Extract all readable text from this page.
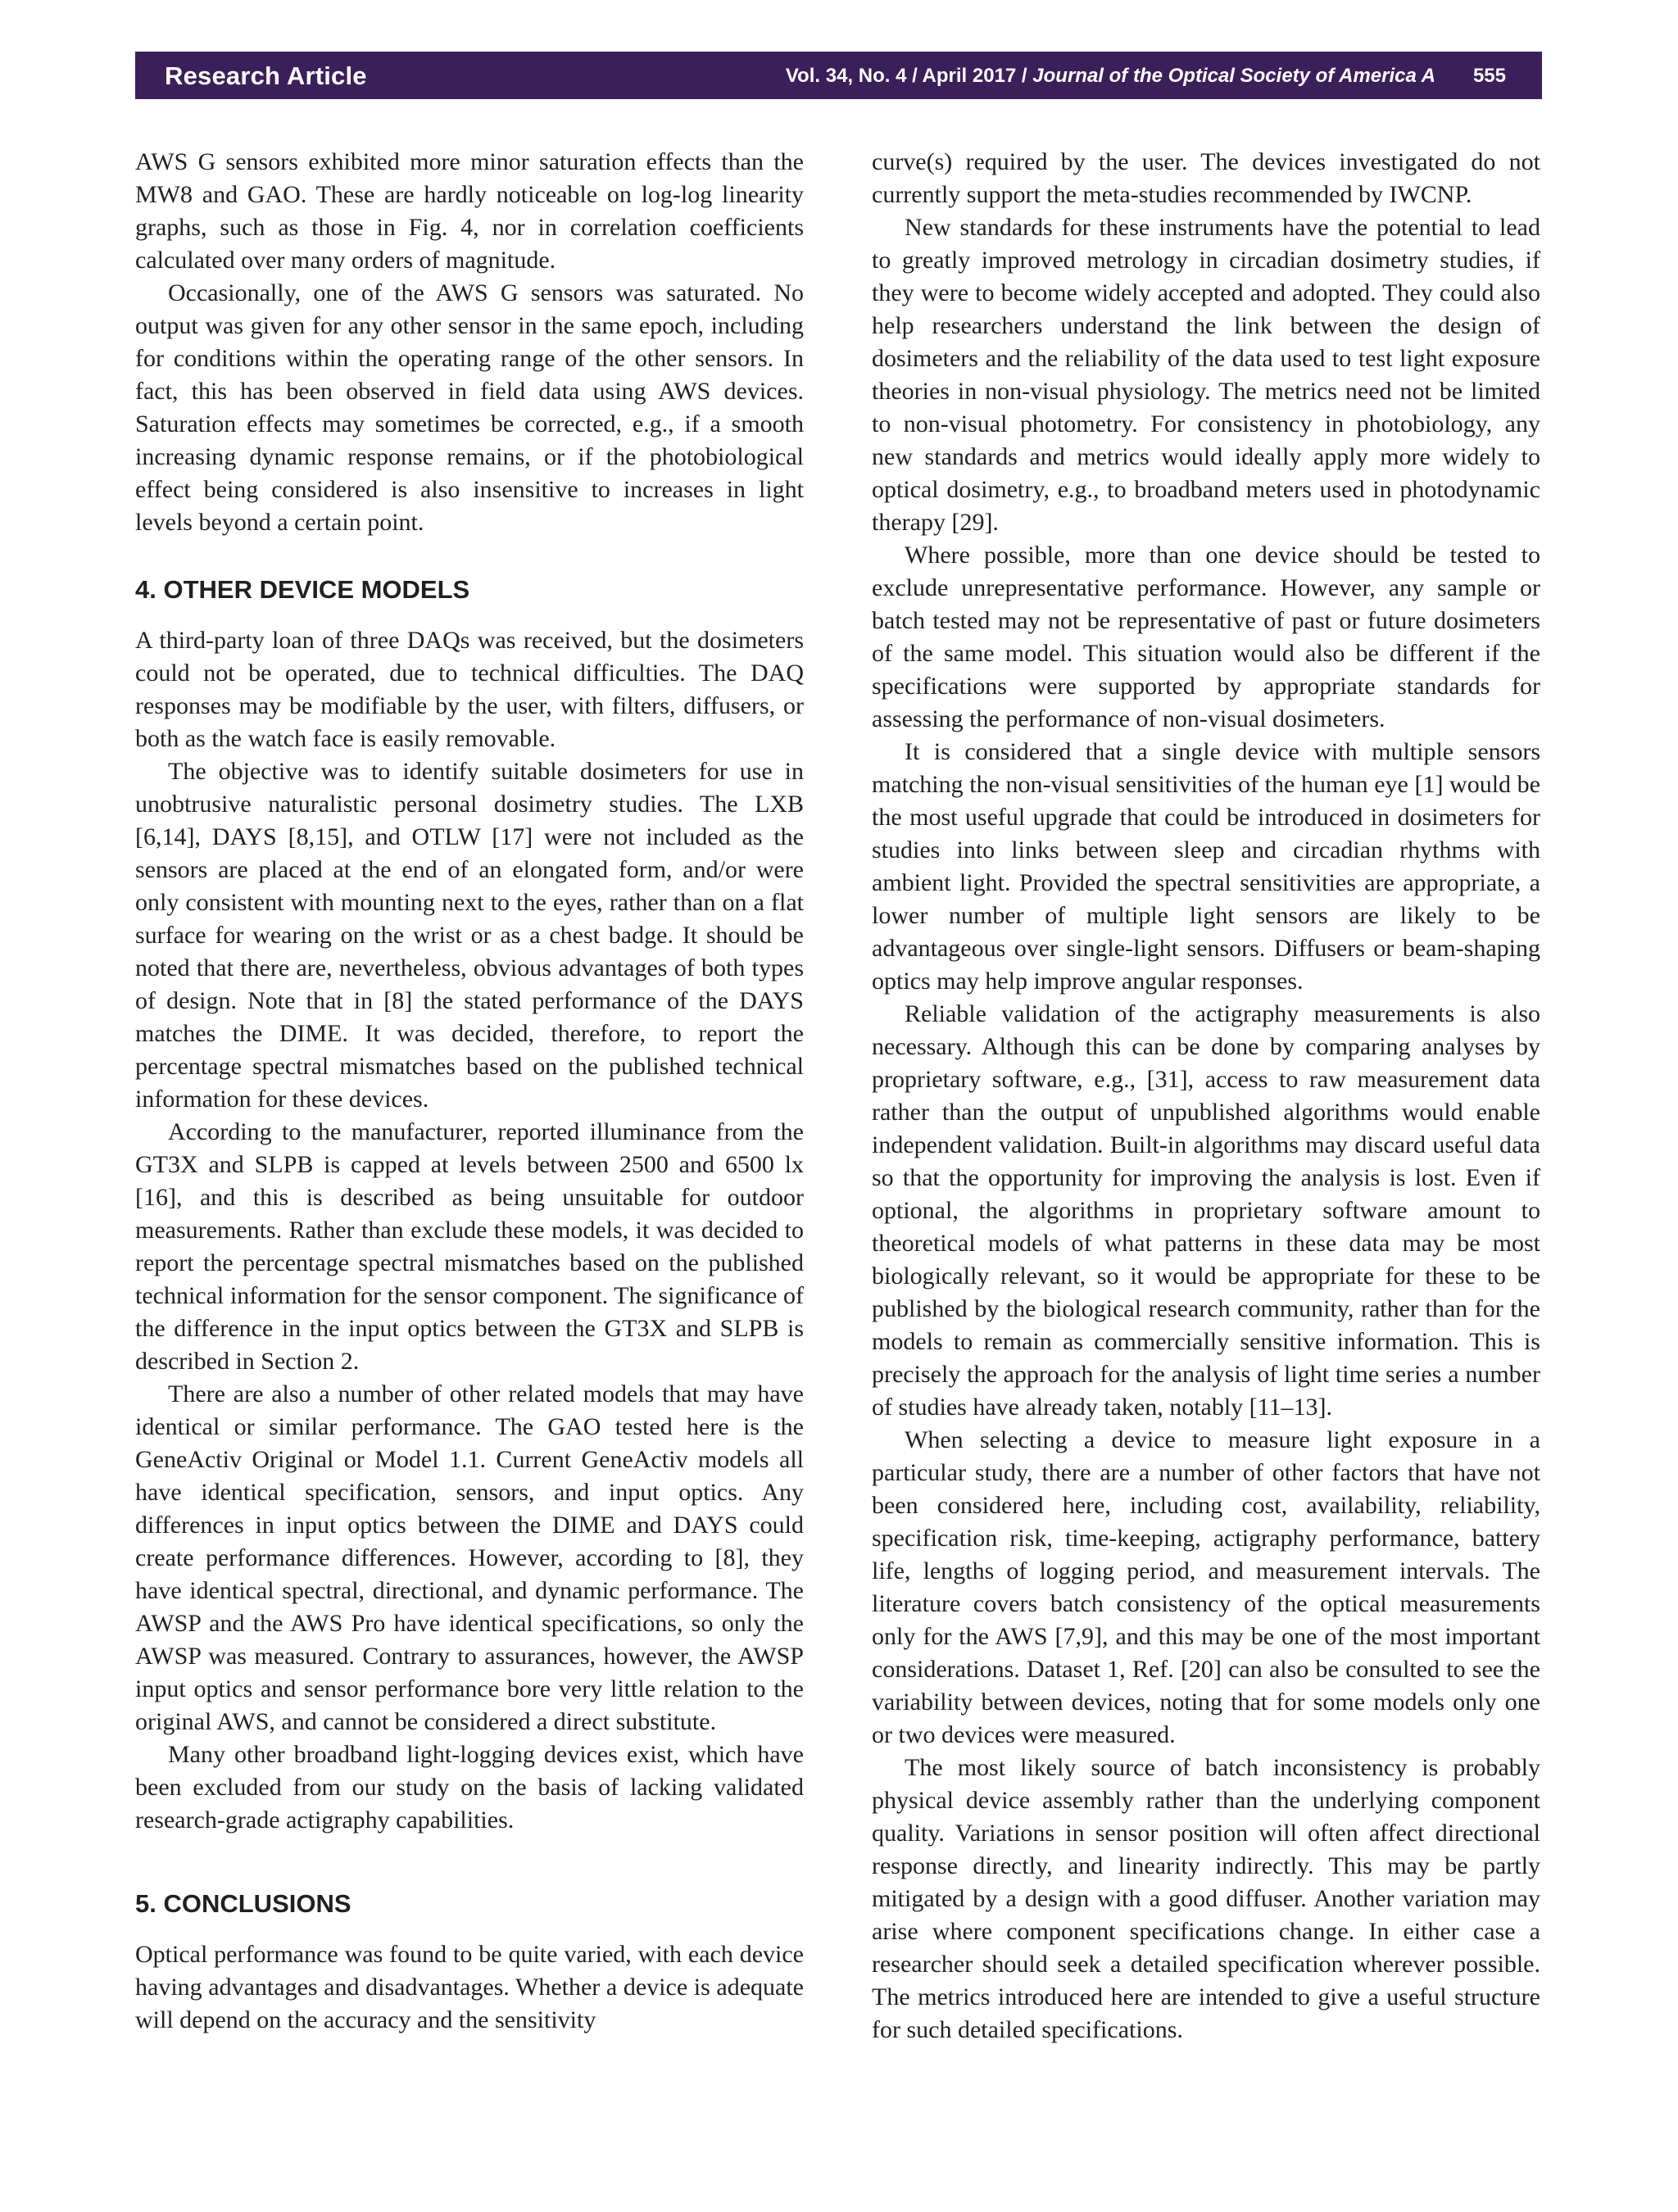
Research Article	Vol. 34, No. 4 / April 2017 / Journal of the Optical Society of America A 555

AWS G sensors exhibited more minor saturation effects than the MW8 and GAO. These are hardly noticeable on log-log linearity graphs, such as those in Fig. 4, nor in correlation coefficients calculated over many orders of magnitude.

Occasionally, one of the AWS G sensors was saturated. No output was given for any other sensor in the same epoch, including for conditions within the operating range of the other sensors. In fact, this has been observed in field data using AWS devices. Saturation effects may sometimes be corrected, e.g., if a smooth increasing dynamic response remains, or if the photobiological effect being considered is also insensitive to increases in light levels beyond a certain point.

4. OTHER DEVICE MODELS

A third-party loan of three DAQs was received, but the dosimeters could not be operated, due to technical difficulties. The DAQ responses may be modifiable by the user, with filters, diffusers, or both as the watch face is easily removable.

The objective was to identify suitable dosimeters for use in unobtrusive naturalistic personal dosimetry studies. The LXB [6,14], DAYS [8,15], and OTLW [17] were not included as the sensors are placed at the end of an elongated form, and/or were only consistent with mounting next to the eyes, rather than on a flat surface for wearing on the wrist or as a chest badge. It should be noted that there are, nevertheless, obvious advantages of both types of design. Note that in [8] the stated performance of the DAYS matches the DIME. It was decided, therefore, to report the percentage spectral mismatches based on the published technical information for these devices.

According to the manufacturer, reported illuminance from the GT3X and SLPB is capped at levels between 2500 and 6500 lx [16], and this is described as being unsuitable for outdoor measurements. Rather than exclude these models, it was decided to report the percentage spectral mismatches based on the published technical information for the sensor component. The significance of the difference in the input optics between the GT3X and SLPB is described in Section 2.

There are also a number of other related models that may have identical or similar performance. The GAO tested here is the GeneActiv Original or Model 1.1. Current GeneActiv models all have identical specification, sensors, and input optics. Any differences in input optics between the DIME and DAYS could create performance differences. However, according to [8], they have identical spectral, directional, and dynamic performance. The AWSP and the AWS Pro have identical specifications, so only the AWSP was measured. Contrary to assurances, however, the AWSP input optics and sensor performance bore very little relation to the original AWS, and cannot be considered a direct substitute.

Many other broadband light-logging devices exist, which have been excluded from our study on the basis of lacking validated research-grade actigraphy capabilities.

5. CONCLUSIONS

Optical performance was found to be quite varied, with each device having advantages and disadvantages. Whether a device is adequate will depend on the accuracy and the sensitivity

curve(s) required by the user. The devices investigated do not currently support the meta-studies recommended by IWCNP.

New standards for these instruments have the potential to lead to greatly improved metrology in circadian dosimetry studies, if they were to become widely accepted and adopted. They could also help researchers understand the link between the design of dosimeters and the reliability of the data used to test light exposure theories in non-visual physiology. The metrics need not be limited to non-visual photometry. For consistency in photobiology, any new standards and metrics would ideally apply more widely to optical dosimetry, e.g., to broadband meters used in photodynamic therapy [29].

Where possible, more than one device should be tested to exclude unrepresentative performance. However, any sample or batch tested may not be representative of past or future dosimeters of the same model. This situation would also be different if the specifications were supported by appropriate standards for assessing the performance of non-visual dosimeters.

It is considered that a single device with multiple sensors matching the non-visual sensitivities of the human eye [1] would be the most useful upgrade that could be introduced in dosimeters for studies into links between sleep and circadian rhythms with ambient light. Provided the spectral sensitivities are appropriate, a lower number of multiple light sensors are likely to be advantageous over single-light sensors. Diffusers or beam-shaping optics may help improve angular responses.

Reliable validation of the actigraphy measurements is also necessary. Although this can be done by comparing analyses by proprietary software, e.g., [31], access to raw measurement data rather than the output of unpublished algorithms would enable independent validation. Built-in algorithms may discard useful data so that the opportunity for improving the analysis is lost. Even if optional, the algorithms in proprietary software amount to theoretical models of what patterns in these data may be most biologically relevant, so it would be appropriate for these to be published by the biological research community, rather than for the models to remain as commercially sensitive information. This is precisely the approach for the analysis of light time series a number of studies have already taken, notably [11–13].

When selecting a device to measure light exposure in a particular study, there are a number of other factors that have not been considered here, including cost, availability, reliability, specification risk, time-keeping, actigraphy performance, battery life, lengths of logging period, and measurement intervals. The literature covers batch consistency of the optical measurements only for the AWS [7,9], and this may be one of the most important considerations. Dataset 1, Ref. [20] can also be consulted to see the variability between devices, noting that for some models only one or two devices were measured.

The most likely source of batch inconsistency is probably physical device assembly rather than the underlying component quality. Variations in sensor position will often affect directional response directly, and linearity indirectly. This may be partly mitigated by a design with a good diffuser. Another variation may arise where component specifications change. In either case a researcher should seek a detailed specification wherever possible. The metrics introduced here are intended to give a useful structure for such detailed specifications.
